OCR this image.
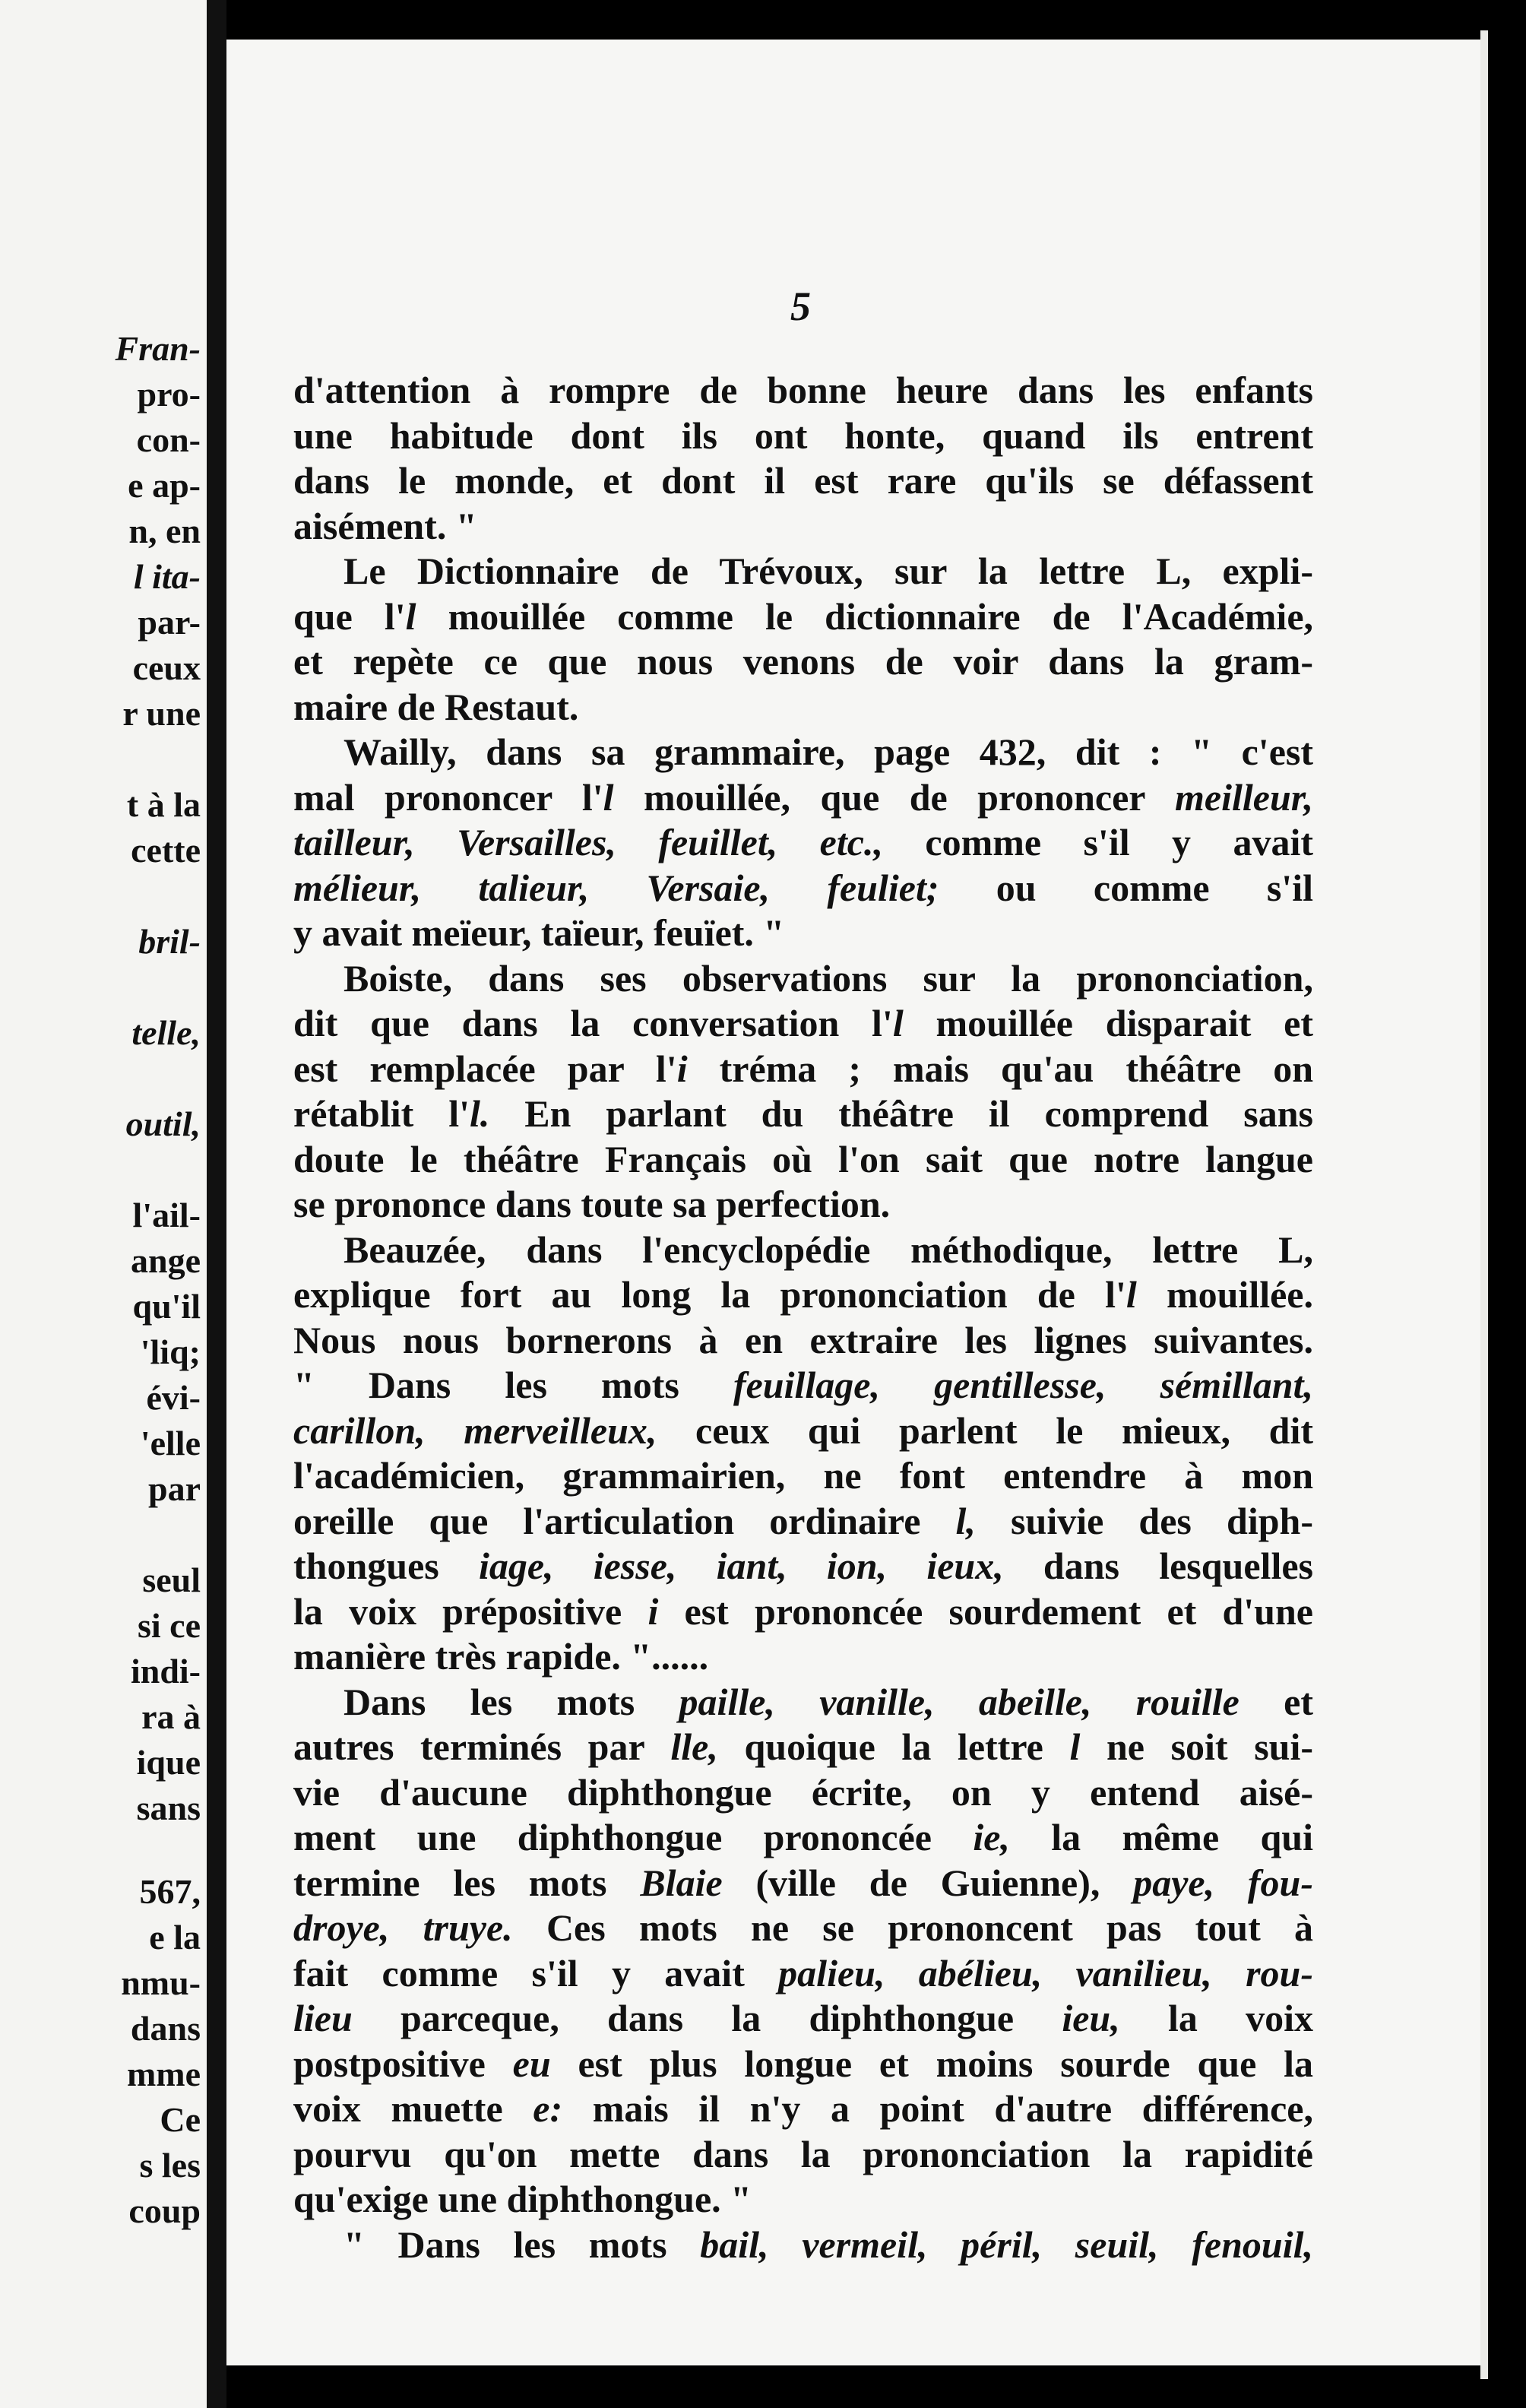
Fran-
pro-
con-
e ap-
n, en
l ita-
par-
ceux
r une
t à la
cette
bril-
telle,
outil,
l'ail-
ange
qu'il
'liq;
évi-
'elle
par
seul
si ce
indi-
ra à
ique
sans
567,
e la
nmu-
dans
mme
Ce
s les
coup
5
d'attention à rompre de bonne heure dans les enfants
une habitude dont ils ont honte, quand ils entrent
dans le monde, et dont il est rare qu'ils se défassent
aisément. "
Le Dictionnaire de Trévoux, sur la lettre L, expli-
que l'l mouillée comme le dictionnaire de l'Académie,
et repète ce que nous venons de voir dans la gram-
maire de Restaut.
Wailly, dans sa grammaire, page 432, dit : " c'est
mal prononcer l'l mouillée, que de prononcer meilleur,
tailleur, Versailles, feuillet, etc., comme s'il y avait
mélieur, talieur, Versaie, feuliet; ou comme s'il
y avait meïeur, taïeur, feuïet. "
Boiste, dans ses observations sur la prononciation,
dit que dans la conversation l'l mouillée disparait et
est remplacée par l'i tréma ; mais qu'au théâtre on
rétablit l'l. En parlant du théâtre il comprend sans
doute le théâtre Français où l'on sait que notre langue
se prononce dans toute sa perfection.
Beauzée, dans l'encyclopédie méthodique, lettre L,
explique fort au long la prononciation de l'l mouillée.
Nous nous bornerons à en extraire les lignes suivantes.
" Dans les mots feuillage, gentillesse, sémillant,
carillon, merveilleux, ceux qui parlent le mieux, dit
l'académicien, grammairien, ne font entendre à mon
oreille que l'articulation ordinaire l, suivie des diph-
thongues iage, iesse, iant, ion, ieux, dans lesquelles
la voix prépositive i est prononcée sourdement et d'une
manière très rapide. "......
Dans les mots paille, vanille, abeille, rouille et
autres terminés par lle, quoique la lettre l ne soit sui-
vie d'aucune diphthongue écrite, on y entend aisé-
ment une diphthongue prononcée ie, la même qui
termine les mots Blaie (ville de Guienne), paye, fou-
droye, truye. Ces mots ne se prononcent pas tout à
fait comme s'il y avait palieu, abélieu, vanilieu, rou-
lieu parceque, dans la diphthongue ieu, la voix
postpositive eu est plus longue et moins sourde que la
voix muette e: mais il n'y a point d'autre différence,
pourvu qu'on mette dans la prononciation la rapidité
qu'exige une diphthongue. "
" Dans les mots bail, vermeil, péril, seuil, fenouil,
